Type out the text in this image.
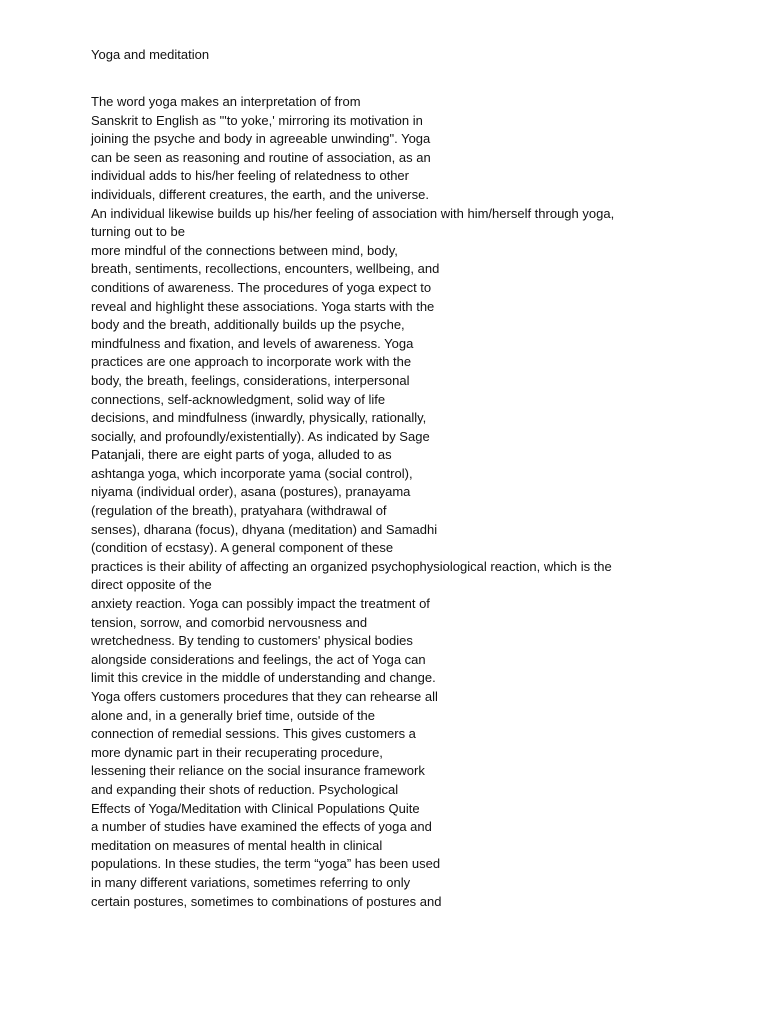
Yoga and meditation
The word yoga makes an interpretation of from
Sanskrit to English as "'to yoke,' mirroring its motivation in
joining the psyche and body in agreeable unwinding". Yoga
can be seen as reasoning and routine of association, as an
individual adds to his/her feeling of relatedness to other
individuals, different creatures, the earth, and the universe.
An individual likewise builds up his/her feeling of association with him/herself through yoga,
turning out to be
more mindful of the connections between mind, body,
breath, sentiments, recollections, encounters, wellbeing, and
conditions of awareness. The procedures of yoga expect to
reveal and highlight these associations. Yoga starts with the
body and the breath, additionally builds up the psyche,
mindfulness and fixation, and levels of awareness. Yoga
practices are one approach to incorporate work with the
body, the breath, feelings, considerations, interpersonal
connections, self-acknowledgment, solid way of life
decisions, and mindfulness (inwardly, physically, rationally,
socially, and profoundly/existentially). As indicated by Sage
Patanjali, there are eight parts of yoga, alluded to as
ashtanga yoga, which incorporate yama (social control),
niyama (individual order), asana (postures), pranayama
(regulation of the breath), pratyahara (withdrawal of
senses), dharana (focus), dhyana (meditation) and Samadhi
(condition of ecstasy). A general component of these
practices is their ability of affecting an organized psychophysiological reaction, which is the
direct opposite of the
anxiety reaction. Yoga can possibly impact the treatment of
tension, sorrow, and comorbid nervousness and
wretchedness. By tending to customers' physical bodies
alongside considerations and feelings, the act of Yoga can
limit this crevice in the middle of understanding and change.
Yoga offers customers procedures that they can rehearse all
alone and, in a generally brief time, outside of the
connection of remedial sessions. This gives customers a
more dynamic part in their recuperating procedure,
lessening their reliance on the social insurance framework
and expanding their shots of reduction. Psychological
Effects of Yoga/Meditation with Clinical Populations Quite
a number of studies have examined the effects of yoga and
meditation on measures of mental health in clinical
populations. In these studies, the term “yoga” has been used
in many different variations, sometimes referring to only
certain postures, sometimes to combinations of postures and
